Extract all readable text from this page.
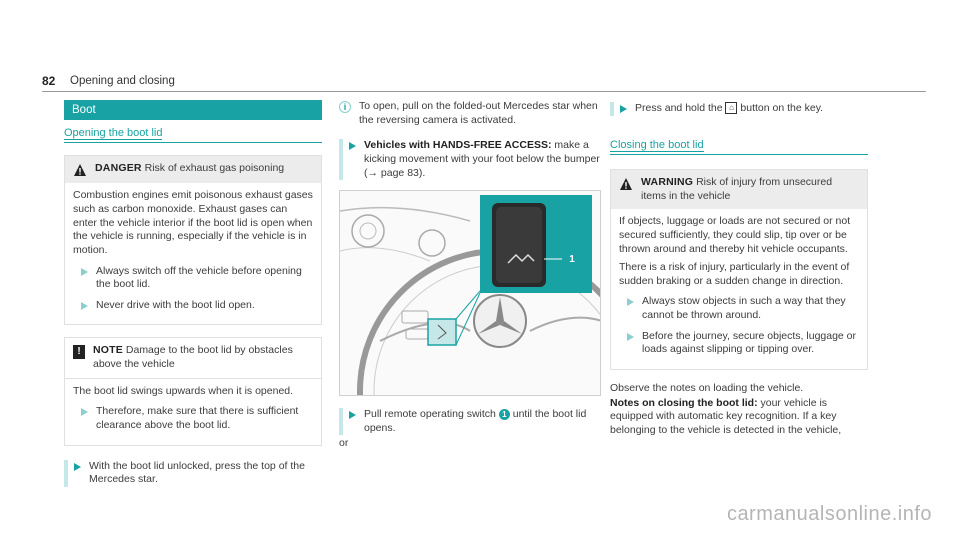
82 Opening and closing
Boot
Opening the boot lid
DANGER Risk of exhaust gas poisoning

Combustion engines emit poisonous exhaust gases such as carbon monoxide. Exhaust gases can enter the vehicle interior if the boot lid is open when the vehicle is running, especially if the vehicle is in motion.

Always switch off the vehicle before opening the boot lid.
Never drive with the boot lid open.
!	NOTE Damage to the boot lid by obstacles above the vehicle

The boot lid swings upwards when it is opened.

Therefore, make sure that there is sufficient clearance above the boot lid.
With the boot lid unlocked, press the top of the Mercedes star.
i	To open, pull on the folded-out Mercedes star when the reversing camera is activated.
Vehicles with HANDS-FREE ACCESS: make a kicking movement with your foot below the bumper (→ page 83).
1
Pull remote operating switch 1 until the boot lid opens.
or
Press and hold the ⌂ button on the key.
Closing the boot lid
WARNING Risk of injury from unsecured items in the vehicle

If objects, luggage or loads are not secured or not secured sufficiently, they could slip, tip over or be thrown around and thereby hit vehicle occupants.

There is a risk of injury, particularly in the event of sudden braking or a sudden change in direction.

Always stow objects in such a way that they cannot be thrown around.
Before the journey, secure objects, luggage or loads against slipping or tipping over.

Observe the notes on loading the vehicle.

Notes on closing the boot lid: your vehicle is equipped with automatic key recognition. If a key belonging to the vehicle is detected in the vehicle,

carmanualsonline.info
